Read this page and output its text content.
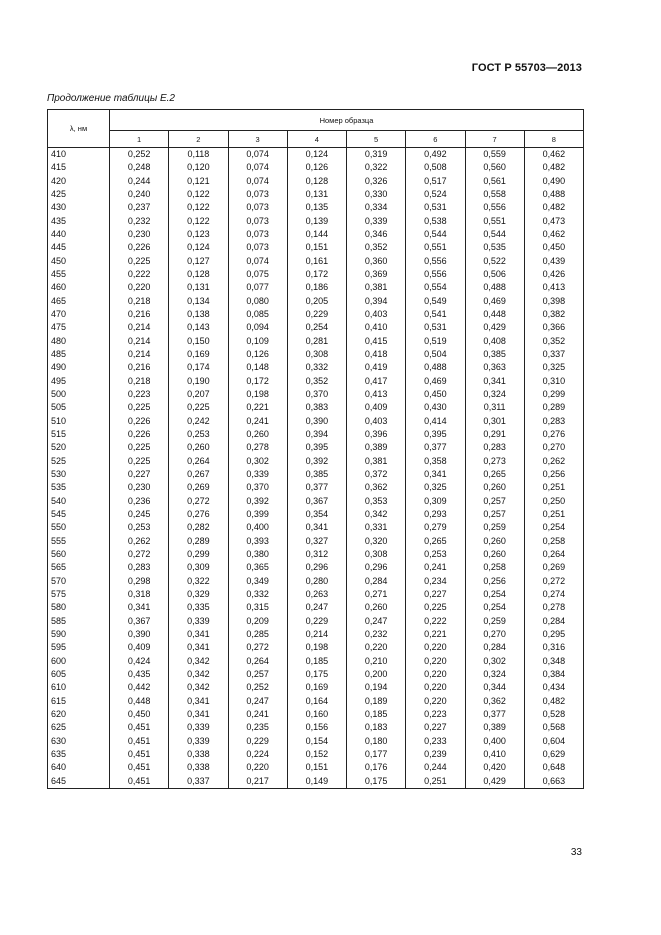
ГОСТ Р 55703—2013
Продолжение таблицы Е.2
λ, нм	Номер образца							
	1	2	3	4	5	6	7	8
410	0,252	0,118	0,074	0,124	0,319	0,492	0,559	0,462
415	0,248	0,120	0,074	0,126	0,322	0,508	0,560	0,482
420	0,244	0,121	0,074	0,128	0,326	0,517	0,561	0,490
425	0,240	0,122	0,073	0,131	0,330	0,524	0,558	0,488
430	0,237	0,122	0,073	0,135	0,334	0,531	0,556	0,482
435	0,232	0,122	0,073	0,139	0,339	0,538	0,551	0,473
440	0,230	0,123	0,073	0,144	0,346	0,544	0,544	0,462
445	0,226	0,124	0,073	0,151	0,352	0,551	0,535	0,450
450	0,225	0,127	0,074	0,161	0,360	0,556	0,522	0,439
455	0,222	0,128	0,075	0,172	0,369	0,556	0,506	0,426
460	0,220	0,131	0,077	0,186	0,381	0,554	0,488	0,413
465	0,218	0,134	0,080	0,205	0,394	0,549	0,469	0,398
470	0,216	0,138	0,085	0,229	0,403	0,541	0,448	0,382
475	0,214	0,143	0,094	0,254	0,410	0,531	0,429	0,366
480	0,214	0,150	0,109	0,281	0,415	0,519	0,408	0,352
485	0,214	0,169	0,126	0,308	0,418	0,504	0,385	0,337
490	0,216	0,174	0,148	0,332	0,419	0,488	0,363	0,325
495	0,218	0,190	0,172	0,352	0,417	0,469	0,341	0,310
500	0,223	0,207	0,198	0,370	0,413	0,450	0,324	0,299
505	0,225	0,225	0,221	0,383	0,409	0,430	0,311	0,289
510	0,226	0,242	0,241	0,390	0,403	0,414	0,301	0,283
515	0,226	0,253	0,260	0,394	0,396	0,395	0,291	0,276
520	0,225	0,260	0,278	0,395	0,389	0,377	0,283	0,270
525	0,225	0,264	0,302	0,392	0,381	0,358	0,273	0,262
530	0,227	0,267	0,339	0,385	0,372	0,341	0,265	0,256
535	0,230	0,269	0,370	0,377	0,362	0,325	0,260	0,251
540	0,236	0,272	0,392	0,367	0,353	0,309	0,257	0,250
545	0,245	0,276	0,399	0,354	0,342	0,293	0,257	0,251
550	0,253	0,282	0,400	0,341	0,331	0,279	0,259	0,254
555	0,262	0,289	0,393	0,327	0,320	0,265	0,260	0,258
560	0,272	0,299	0,380	0,312	0,308	0,253	0,260	0,264
565	0,283	0,309	0,365	0,296	0,296	0,241	0,258	0,269
570	0,298	0,322	0,349	0,280	0,284	0,234	0,256	0,272
575	0,318	0,329	0,332	0,263	0,271	0,227	0,254	0,274
580	0,341	0,335	0,315	0,247	0,260	0,225	0,254	0,278
585	0,367	0,339	0,209	0,229	0,247	0,222	0,259	0,284
590	0,390	0,341	0,285	0,214	0,232	0,221	0,270	0,295
595	0,409	0,341	0,272	0,198	0,220	0,220	0,284	0,316
600	0,424	0,342	0,264	0,185	0,210	0,220	0,302	0,348
605	0,435	0,342	0,257	0,175	0,200	0,220	0,324	0,384
610	0,442	0,342	0,252	0,169	0,194	0,220	0,344	0,434
615	0,448	0,341	0,247	0,164	0,189	0,220	0,362	0,482
620	0,450	0,341	0,241	0,160	0,185	0,223	0,377	0,528
625	0,451	0,339	0,235	0,156	0,183	0,227	0,389	0,568
630	0,451	0,339	0,229	0,154	0,180	0,233	0,400	0,604
635	0,451	0,338	0,224	0,152	0,177	0,239	0,410	0,629
640	0,451	0,338	0,220	0,151	0,176	0,244	0,420	0,648
645	0,451	0,337	0,217	0,149	0,175	0,251	0,429	0,663
33
